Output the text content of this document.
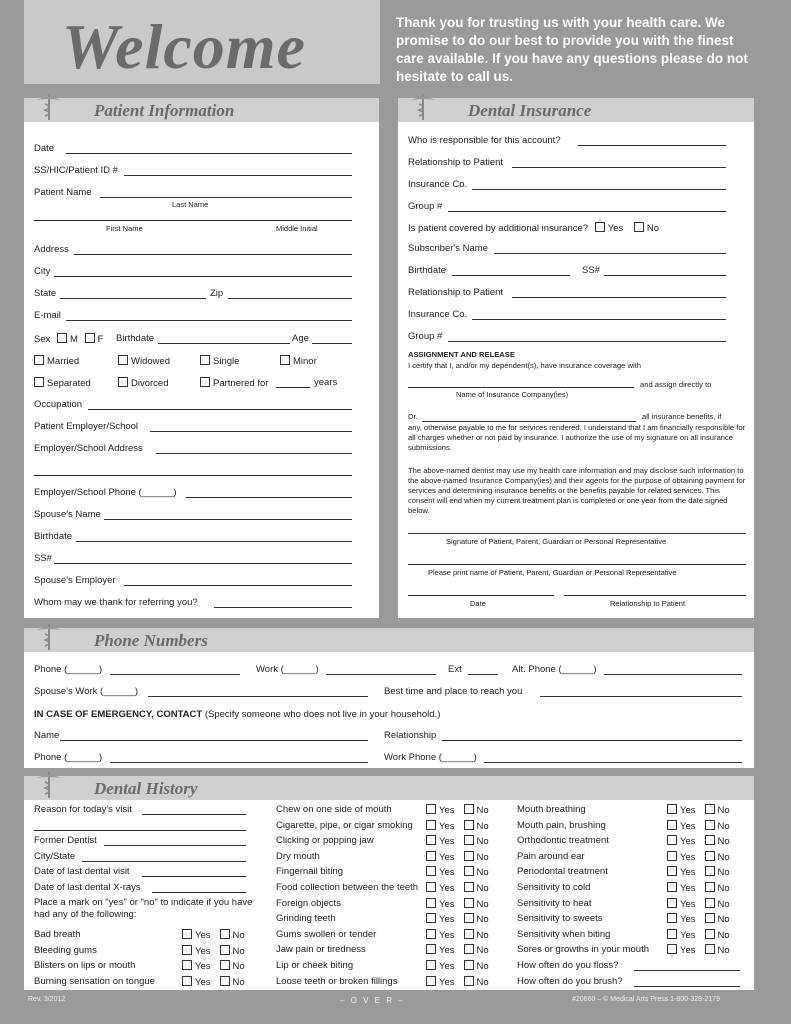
Welcome	Thank you for trusting us with your health care. We promise to do our best to provide you with the finest care available. If you have any questions please do not hesitate to call us.
Patient Information
Date
SS/HIC/Patient ID #
Patient Name
Last Name
First Name	Middle Initial
Address
City
State	Zip
E-mail
Sex M F Birthdate	Age
Married	Widowed	Single	Minor
Separated	Divorced	Partnered for	years
Occupation
Patient Employer/School
Employer/School Address
Employer/School Phone (______)
Spouse's Name
Birthdate
SS#
Spouse's Employer
Whom may we thank for referring you?
Dental Insurance
Who is responsible for this account?
Relationship to Patient
Insurance Co.
Group #
Is patient covered by additional insurance? Yes No
Subscriber's Name
Birthdate	SS#
Relationship to Patient
Insurance Co.
Group #
ASSIGNMENT AND RELEASE
I certify that I, and/or my dependent(s), have insurance coverage with
and assign directly to
Name of Insurance Company(ies)
Dr.	all insurance benefits, if
any, otherwise payable to me for services rendered. I understand that I am financially responsible for all charges whether or not paid by insurance. I authorize the use of my signature on all insurance submissions.
The above-named dentist may use my health care information and may disclose such information to the above-named Insurance Company(ies) and their agents for the purpose of obtaining payment for services and determining insurance benefits or the benefits payable for related services. This consent will end when my current treatment plan is completed or one year from the date signed below.
Signature of Patient, Parent, Guardian or Personal Representative
Please print name of Patient, Parent, Guardian or Personal Representative
Date	Relationship to Patient
Phone Numbers
Phone (______)	Work (______)	Ext	Alt. Phone (______)
Spouse's Work (______)	Best time and place to reach you
IN CASE OF EMERGENCY, CONTACT (Specify someone who does not live in your household.)
Name	Relationship
Phone (______)	Work Phone (______)
Dental History
Reason for today's visit
Former Dentist
City/State
Date of last dental visit
Date of last dental X-rays
Place a mark on "yes" or "no" to indicate if you have had any of the following:
Bad breath	Yes No
Bleeding gums	Yes No
Blisters on lips or mouth	Yes No
Burning sensation on tongue	Yes No
Chew on one side of mouth	Yes No
Cigarette, pipe, or cigar smoking	Yes No
Clicking or popping jaw	Yes No
Dry mouth	Yes No
Fingernail biting	Yes No
Food collection between the teeth	Yes No
Foreign objects	Yes No
Grinding teeth	Yes No
Gums swollen or tender	Yes No
Jaw pain or tiredness	Yes No
Lip or cheek biting	Yes No
Loose teeth or broken fillings	Yes No
Mouth breathing	Yes No
Mouth pain, brushing	Yes No
Orthodontic treatment	Yes No
Pain around ear	Yes No
Periodontal treatment	Yes No
Sensitivity to cold	Yes No
Sensitivity to heat	Yes No
Sensitivity to sweets	Yes No
Sensitivity when biting	Yes No
Sores or growths in your mouth	Yes No
How often do you floss?
How often do you brush?
Rev. 3/2012	– O V E R –	#20660 – © Medical Arts Press 1-800-328-2179
